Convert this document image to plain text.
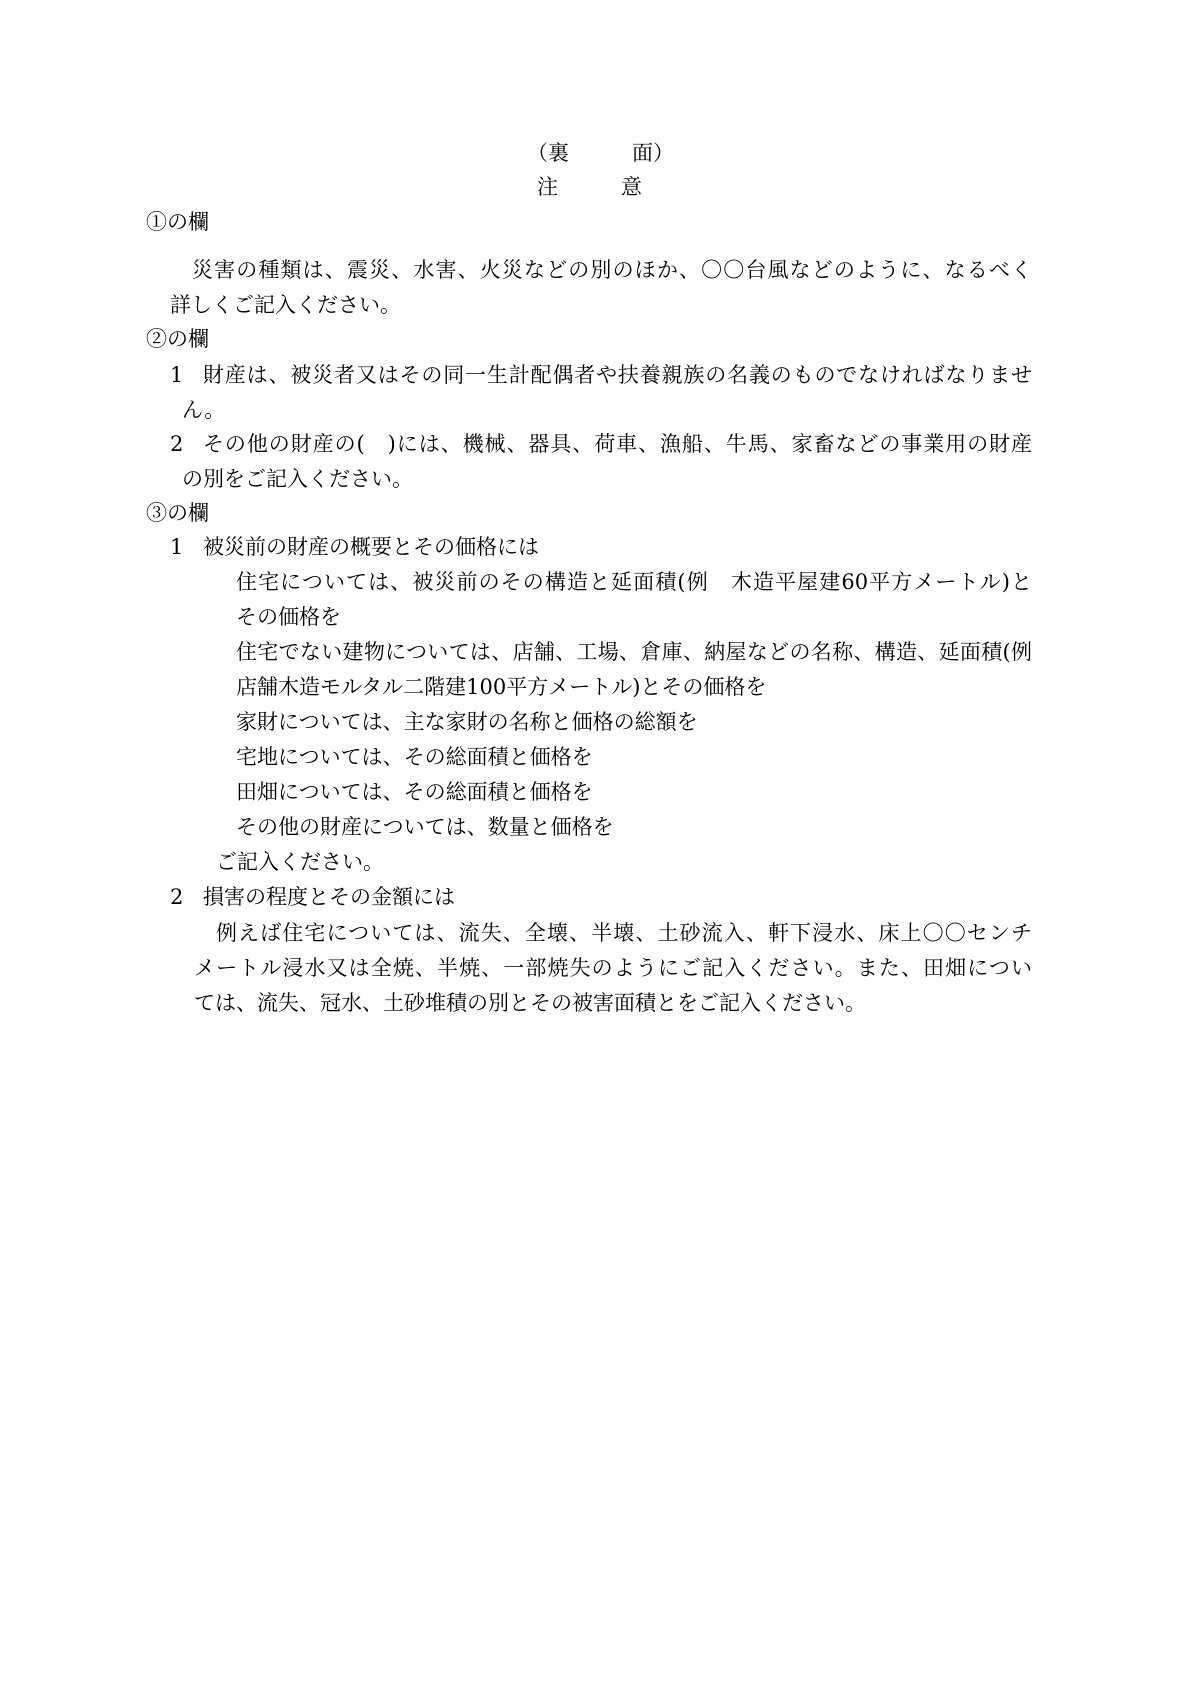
（裏　　　面）
注　　　意
①の欄
災害の種類は、震災、水害、火災などの別のほか、〇〇台風などのように、なるべく
詳しくご記入ください。
②の欄
1 財産は、被災者又はその同一生計配偶者や扶養親族の名義のものでなければなりませ
ん。
2 その他の財産の(　)には、機械、器具、荷車、漁船、牛馬、家畜などの事業用の財産
の別をご記入ください。
③の欄
1 被災前の財産の概要とその価格には
住宅については、被災前のその構造と延面積(例　木造平屋建60平方メートル)と
その価格を
住宅でない建物については、店舗、工場、倉庫、納屋などの名称、構造、延面積(例
店舗木造モルタル二階建100平方メートル)とその価格を
家財については、主な家財の名称と価格の総額を
宅地については、その総面積と価格を
田畑については、その総面積と価格を
その他の財産については、数量と価格を
ご記入ください。
2 損害の程度とその金額には
例えば住宅については、流失、全壊、半壊、土砂流入、軒下浸水、床上〇〇センチ
メートル浸水又は全焼、半焼、一部焼失のようにご記入ください。また、田畑につい
ては、流失、冠水、土砂堆積の別とその被害面積とをご記入ください。
